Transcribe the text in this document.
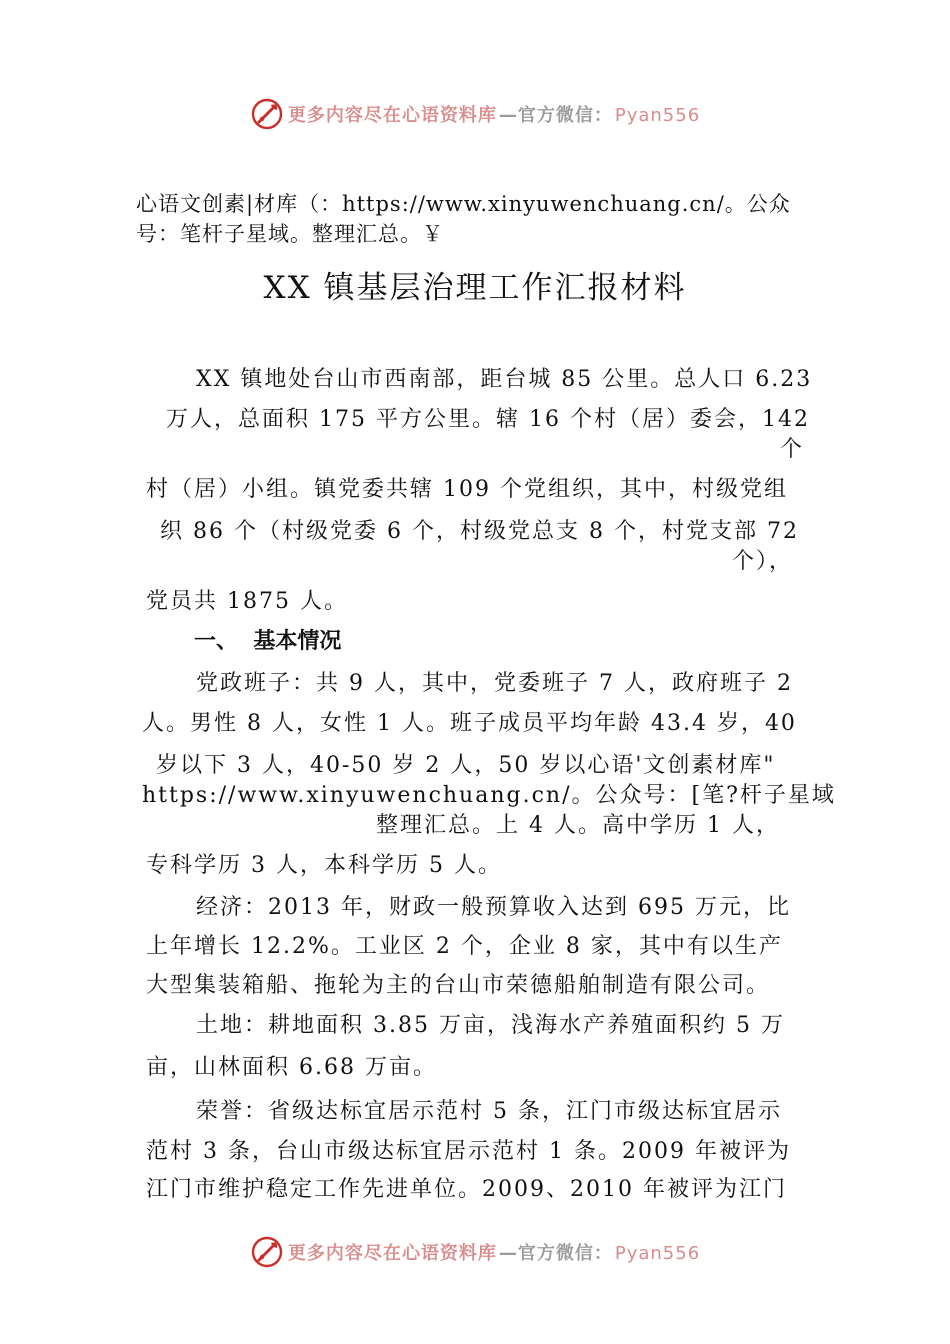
更多内容尽在心语资料库 —官方微信： Pyan556
心语文创素|材库（：https://www.xinyuwenchuang.cn/。公众
号：笔杆子星域。整理汇总。￥
XX 镇基层治理工作汇报材料
XX 镇地处台山市西南部，距台城 85 公里。总人口 6.23
万人，总面积 175 平方公里。辖 16 个村（居）委会，142
个
村（居）小组。镇党委共辖 109 个党组织，其中，村级党组
织 86 个（村级党委 6 个，村级党总支 8 个，村党支部 72
个），
党员共 1875 人。
一、  基本情况
党政班子：共 9 人，其中，党委班子 7 人，政府班子 2
人。男性 8 人，女性 1 人。班子成员平均年龄 43.4 岁，40
岁以下 3 人，40-50 岁 2 人，50 岁以心语'文创素材库"
https://www.xinyuwenchuang.cn/。公众号：[笔?杆子星域
整理汇总。上 4 人。高中学历 1 人，
专科学历 3 人，本科学历 5 人。
经济：2013 年，财政一般预算收入达到 695 万元，比
上年增长 12.2%。工业区 2 个，企业 8 家，其中有以生产
大型集装箱船、拖轮为主的台山市荣德船舶制造有限公司。
土地：耕地面积 3.85 万亩，浅海水产养殖面积约 5 万
亩，山林面积 6.68 万亩。
荣誉：省级达标宜居示范村 5 条，江门市级达标宜居示
范村 3 条，台山市级达标宜居示范村 1 条。2009 年被评为
江门市维护稳定工作先进单位。2009、2010 年被评为江门
更多内容尽在心语资料库 —官方微信： Pyan556
